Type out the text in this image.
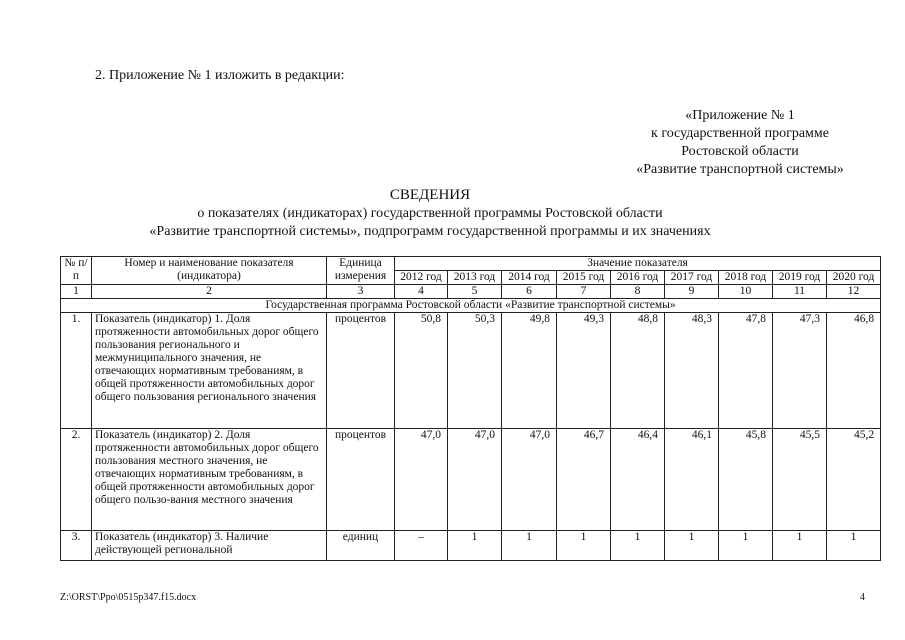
2. Приложение № 1 изложить в редакции:
«Приложение № 1
к государственной программе
Ростовской области
«Развитие транспортной системы»
СВЕДЕНИЯ
о показателях (индикаторах) государственной программы Ростовской области
«Развитие транспортной системы», подпрограмм государственной программы и их значениях
№ п/п	Номер и наименование показателя (индикатора)	Единица измерения	Значение показателя								
			2012 год	2013 год	2014 год	2015 год	2016 год	2017 год	2018 год	2019 год	2020 год
1	2	3	4	5	6	7	8	9	10	11	12
Государственная программа Ростовской области «Развитие транспортной системы»											
1.	Показатель (индикатор) 1. Доля протяженности автомобильных дорог общего пользования регионального и межмуниципального значения, не отвечающих нормативным требованиям, в общей протяженности автомобильных дорог общего пользования регионального значения	процентов	50,8	50,3	49,8	49,3	48,8	48,3	47,8	47,3	46,8
2.	Показатель (индикатор) 2. Доля протяженности автомобильных дорог общего пользования местного значения, не отвечающих нормативным требованиям, в общей протяженности автомобильных дорог общего пользо-вания местного значения	процентов	47,0	47,0	47,0	46,7	46,4	46,1	45,8	45,5	45,2
3.	Показатель (индикатор) 3. Наличие действующей региональной	единиц	–	1	1	1	1	1	1	1	1
Z:\ORST\Ppo\0515p347.f15.docx	4
